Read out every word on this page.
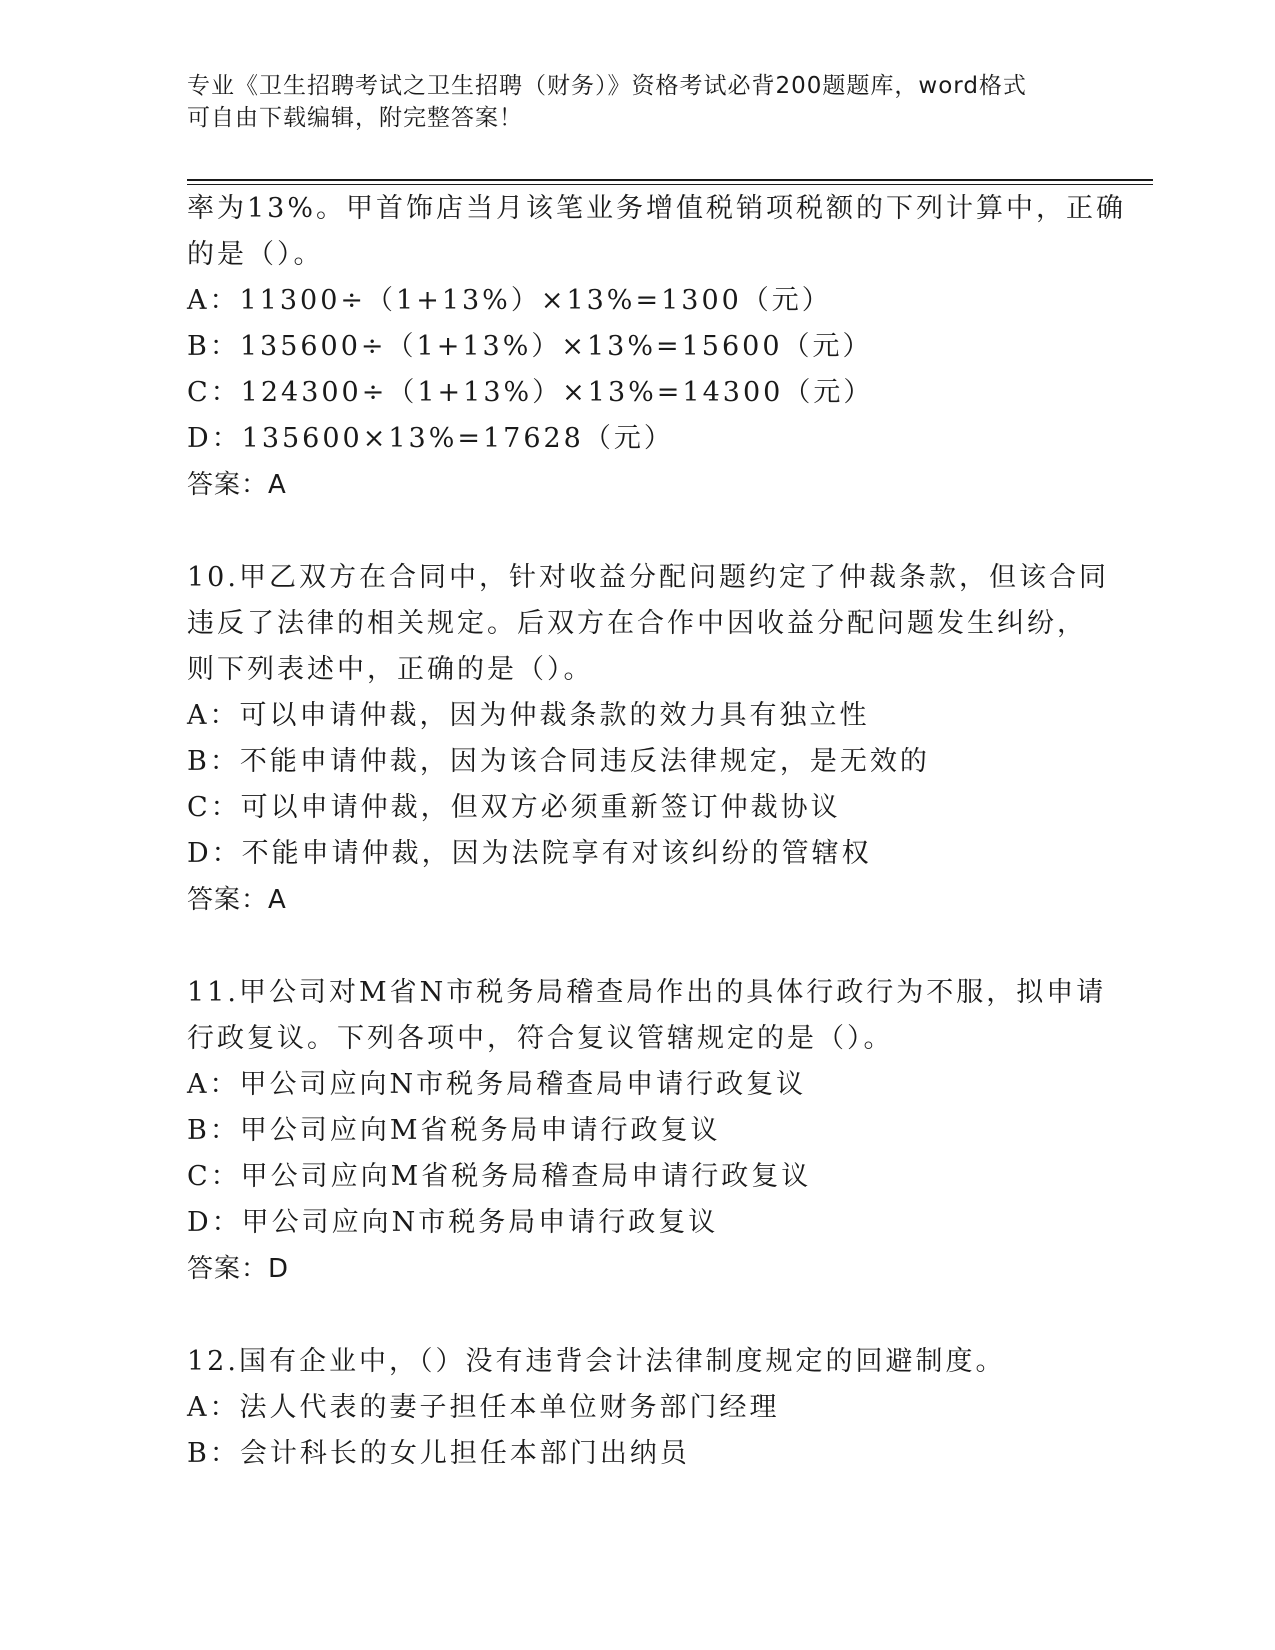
专业《卫生招聘考试之卫生招聘（财务）》资格考试必背200题题库，word格式
可自由下载编辑，附完整答案！
率为13%。甲首饰店当月该笔业务增值税销项税额的下列计算中，正确
的是（）。
A：11300÷（1+13%）×13%=1300（元）
B：135600÷（1+13%）×13%=15600（元）
C：124300÷（1+13%）×13%=14300（元）
D：135600×13%=17628（元）
答案：A
10.甲乙双方在合同中，针对收益分配问题约定了仲裁条款，但该合同
违反了法律的相关规定。后双方在合作中因收益分配问题发生纠纷，
则下列表述中，正确的是（）。
A：可以申请仲裁，因为仲裁条款的效力具有独立性
B：不能申请仲裁，因为该合同违反法律规定，是无效的
C：可以申请仲裁，但双方必须重新签订仲裁协议
D：不能申请仲裁，因为法院享有对该纠纷的管辖权
答案：A
11.甲公司对M省N市税务局稽查局作出的具体行政行为不服，拟申请
行政复议。下列各项中，符合复议管辖规定的是（）。
A：甲公司应向N市税务局稽查局申请行政复议
B：甲公司应向M省税务局申请行政复议
C：甲公司应向M省税务局稽查局申请行政复议
D：甲公司应向N市税务局申请行政复议
答案：D
12.国有企业中，（）没有违背会计法律制度规定的回避制度。
A：法人代表的妻子担任本单位财务部门经理
B：会计科长的女儿担任本部门出纳员
